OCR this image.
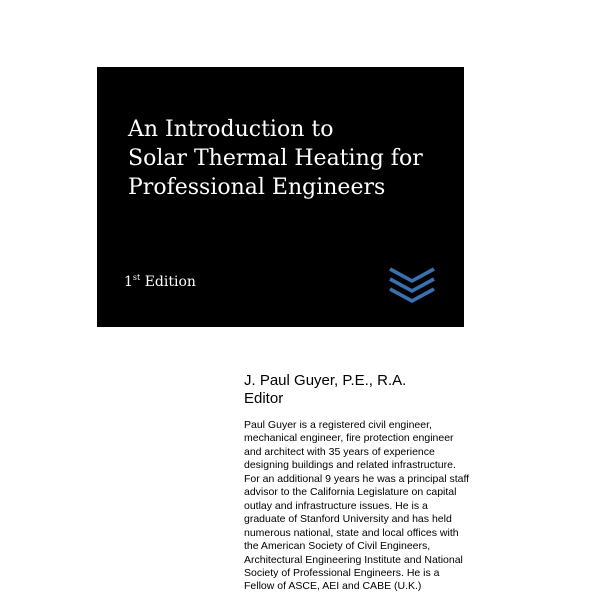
An Introduction to
Solar Thermal Heating for
Professional Engineers
1st Edition
J. Paul Guyer, P.E., R.A.
Editor
Paul Guyer is a registered civil engineer,
mechanical engineer, fire protection engineer
and architect with 35 years of experience
designing buildings and related infrastructure.
For an additional 9 years he was a principal staff
advisor to the California Legislature on capital
outlay and infrastructure issues. He is a
graduate of Stanford University and has held
numerous national, state and local offices with
the American Society of Civil Engineers,
Architectural Engineering Institute and National
Society of Professional Engineers. He is a
Fellow of ASCE, AEI and CABE (U.K.)
